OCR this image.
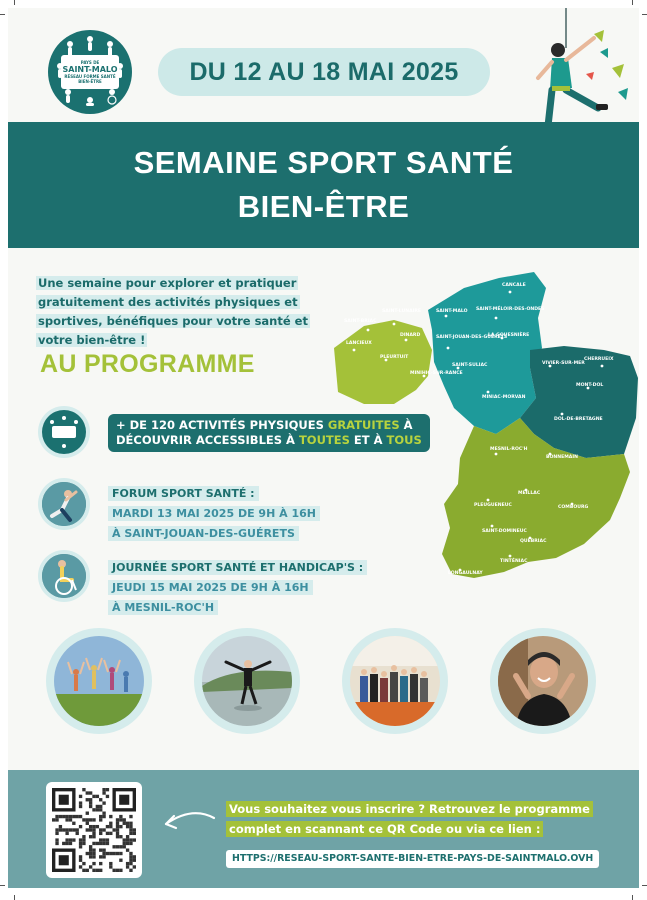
PAYS DE
SAINT-MALO
RÉSEAU FORME SANTÉ
BIEN-ÊTRE	DU 12 AU 18 MAI 2025
SEMAINE SPORT SANTÉ
BIEN-ÊTRE
Une semaine pour explorer et pratiquer gratuitement des activités physiques et sportives, bénéfiques pour votre santé et votre bien-être !
AU PROGRAMME
CANCALE
SAINT-MALO SAINT-MÉLOIR-DES-ONDES
SAINT-LUNAIRE
SAINT-BRIAC
DINARD	SAINT-JOUAN-DES-GUÉRETS
LA GOUESNIÈRE
LANCIEUX
PLEURTUIT
MINIHIC-SUR-RANCE
SAINT-SULIAC	VIVIER-SUR-MER
CHERRUEIX
MONT-DOL
MINIAC-MORVAN
DOL-DE-BRETAGNE
MESNIL-ROC'H
BONNEMAIN
MEILLAC
PLEUGUENEUC	COMBOURG
SAINT-DOMINEUC
QUÉBRIAC
TINTÉNIAC
LONGAULNAY
+ DE 120 ACTIVITÉS PHYSIQUES GRATUITES À
DÉCOUVRIR ACCESSIBLES À TOUTES ET À TOUS
FORUM SPORT SANTÉ :
MARDI 13 MAI 2025 DE 9H À 16H
À SAINT-JOUAN-DES-GUÉRETS
JOURNÉE SPORT SANTÉ ET HANDICAP'S :
JEUDI 15 MAI 2025 DE 9H À 16H
À MESNIL-ROC'H
Vous souhaitez vous inscrire ? Retrouvez le programme
complet en scannant ce QR Code ou via ce lien :
HTTPS://RESEAU-SPORT-SANTE-BIEN-ETRE-PAYS-DE-SAINTMALO.OVH
